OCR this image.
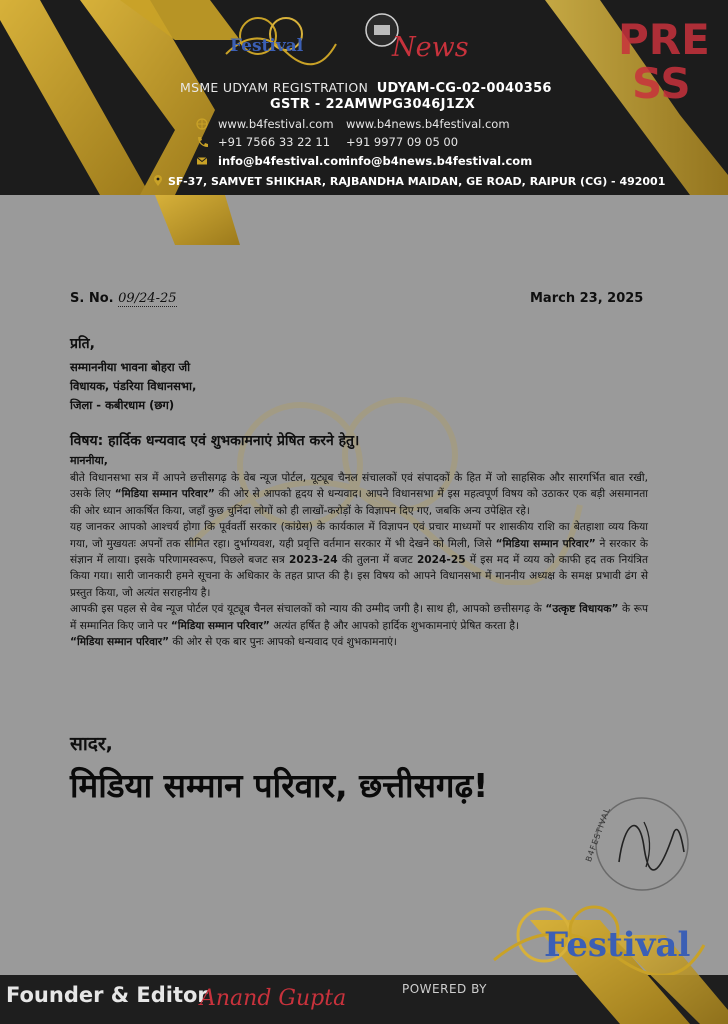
Festival	News	PRE
SS
MSME UDYAM REGISTRATION UDYAM-CG-02-0040356
GSTR - 22AMWPG3046J1ZX
www.b4festival.com www.b4news.b4festival.com
+91 7566 33 22 11 +91 9977 09 05 00
info@b4festival.com
info@b4news.b4festival.com
SF-37, SAMVET SHIKHAR, RAJBANDHA MAIDAN, GE ROAD, RAIPUR (CG) - 492001
S. No. 09/24-25	March 23, 2025
प्रति,
सम्माननीया भावना बोहरा जी
विधायक, पंडरिया विधानसभा,
जिला - कबीरधाम (छग)
विषय: हार्दिक धन्यवाद एवं शुभकामनाएं प्रेषित करने हेतु।
माननीया,

बीते विधानसभा सत्र में आपने छत्तीसगढ़ के वेब न्यूज पोर्टल, यूट्यूब चैनल संचालकों एवं संपादकों के हित में जो साहसिक और सारगर्भित बात रखी, उसके लिए “मिडिया सम्मान परिवार” की ओर से आपको हृदय से धन्यवाद। आपने विधानसभा में इस महत्वपूर्ण विषय को उठाकर एक बड़ी असमानता की ओर ध्यान आकर्षित किया, जहाँ कुछ चुनिंदा लोगों को ही लाखों-करोड़ों के विज्ञापन दिए गए, जबकि अन्य उपेक्षित रहे।

यह जानकर आपको आश्चर्य होगा कि पूर्ववर्ती सरकार (कांग्रेस) के कार्यकाल में विज्ञापन एवं प्रचार माध्यमों पर शासकीय राशि का बेतहाशा व्यय किया गया, जो मुखयतः अपनों तक सीमित रहा। दुर्भाग्यवश, यही प्रवृत्ति वर्तमान सरकार में भी देखने को मिली, जिसे “मिडिया सम्मान परिवार” ने सरकार के संज्ञान में लाया। इसके परिणामस्वरूप, पिछले बजट सत्र 2023-24 की तुलना में बजट 2024-25 में इस मद में व्यय को काफी हद तक नियंत्रित किया गया। सारी जानकारी हमने सूचना के अधिकार के तहत प्राप्त की है। इस विषय को आपने विधानसभा में माननीय अध्यक्ष के समक्ष प्रभावी ढंग से प्रस्तुत किया, जो अत्यंत सराहनीय है।

आपकी इस पहल से वेब न्यूज पोर्टल एवं यूट्यूब चैनल संचालकों को न्याय की उम्मीद जगी है। साथ ही, आपको छत्तीसगढ़ के “उत्कृष्ट विधायक” के रूप में सम्मानित किए जाने पर “मिडिया सम्मान परिवार” अत्यंत हर्षित है और आपको हार्दिक शुभकामनाएं प्रेषित करता है।

“मिडिया सम्मान परिवार” की ओर से एक बार पुनः आपको धन्यवाद एवं शुभकामनाएं।

सादर,
मिडिया सम्मान परिवार, छत्तीसगढ़!
B4FESTIVAL
Festival
Founder & Editor
Anand Gupta	POWERED BY
